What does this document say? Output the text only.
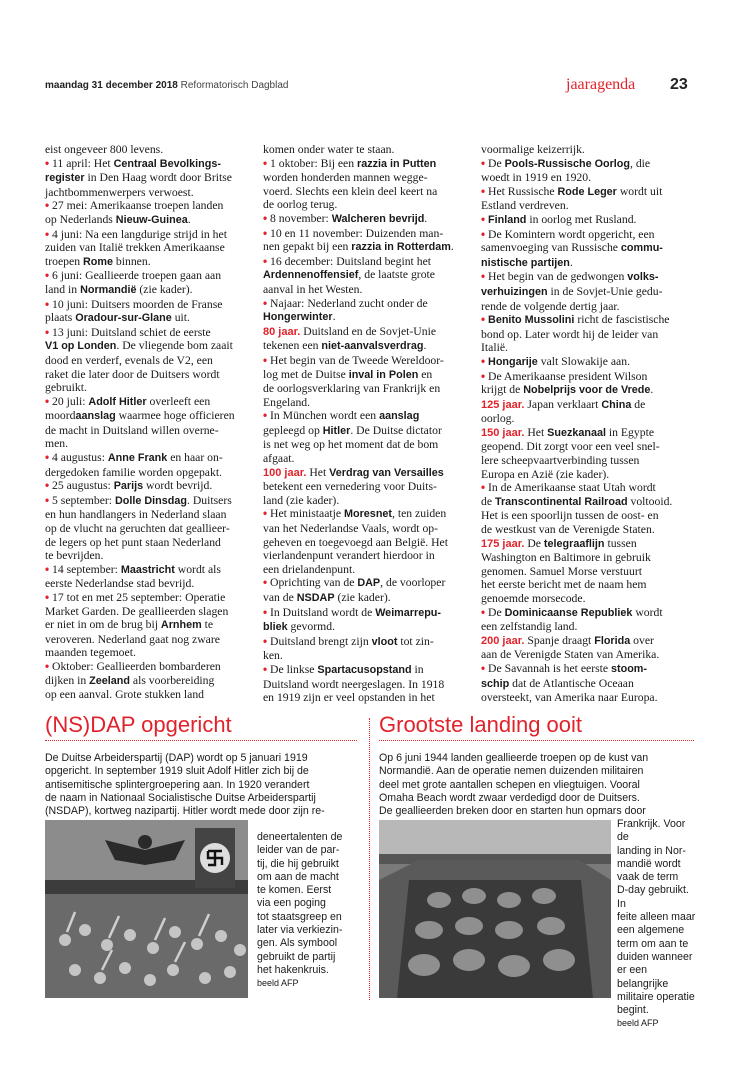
maandag 31 december 2018 Reformatorisch Dagblad	jaaragenda 23

eist ongeveer 800 levens.

• 11 april: Het Centraal Bevolkings-

register in Den Haag wordt door Britse

jachtbommenwerpers verwoest.

• 27 mei: Amerikaanse troepen landen

op Nederlands Nieuw-Guinea.

• 4 juni: Na een langdurige strijd in het

zuiden van Italië trekken Amerikaanse

troepen Rome binnen.

• 6 juni: Geallieerde troepen gaan aan

land in Normandië (zie kader).

• 10 juni: Duitsers moorden de Franse

plaats Oradour-sur-Glane uit.

• 13 juni: Duitsland schiet de eerste

V1 op Londen. De vliegende bom zaait

dood en verderf, evenals de V2, een

raket die later door de Duitsers wordt

gebruikt.

• 20 juli: Adolf Hitler overleeft een

moordaanslag waarmee hoge officieren

de macht in Duitsland willen overne-

men.

• 4 augustus: Anne Frank en haar on-

dergedoken familie worden opgepakt.

• 25 augustus: Parijs wordt bevrijd.

• 5 september: Dolle Dinsdag. Duitsers

en hun handlangers in Nederland slaan

op de vlucht na geruchten dat geallieer-

de legers op het punt staan Nederland

te bevrijden.

• 14 september: Maastricht wordt als

eerste Nederlandse stad bevrijd.

• 17 tot en met 25 september: Operatie

Market Garden. De geallieerden slagen

er niet in om de brug bij Arnhem te

veroveren. Nederland gaat nog zware

maanden tegemoet.

• Oktober: Geallieerden bombarderen

dijken in Zeeland als voorbereiding

op een aanval. Grote stukken land

komen onder water te staan.

• 1 oktober: Bij een razzia in Putten

worden honderden mannen wegge-

voerd. Slechts een klein deel keert na

de oorlog terug.

• 8 november: Walcheren bevrijd.

• 10 en 11 november: Duizenden man-

nen gepakt bij een razzia in Rotterdam.

• 16 december: Duitsland begint het

Ardennenoffensief, de laatste grote

aanval in het Westen.

• Najaar: Nederland zucht onder de

Hongerwinter.

80 jaar. Duitsland en de Sovjet-Unie

tekenen een niet-aanvalsverdrag.

• Het begin van de Tweede Wereldoor-

log met de Duitse inval in Polen en

de oorlogsverklaring van Frankrijk en

Engeland.

• In München wordt een aanslag

gepleegd op Hitler. De Duitse dictator

is net weg op het moment dat de bom

afgaat.

100 jaar. Het Verdrag van Versailles

betekent een vernedering voor Duits-

land (zie kader).

• Het ministaatje Moresnet, ten zuiden

van het Nederlandse Vaals, wordt op-

geheven en toegevoegd aan België. Het

vierlandenpunt verandert hierdoor in

een drielandenpunt.

• Oprichting van de DAP, de voorloper

van de NSDAP (zie kader).

• In Duitsland wordt de Weimarrepu-

bliek gevormd.

• Duitsland brengt zijn vloot tot zin-

ken.

• De linkse Spartacusopstand in

Duitsland wordt neergeslagen. In 1918

en 1919 zijn er veel opstanden in het

voormalige keizerrijk.

• De Pools-Russische Oorlog, die

woedt in 1919 en 1920.

• Het Russische Rode Leger wordt uit

Estland verdreven.

• Finland in oorlog met Rusland.

• De Komintern wordt opgericht, een

samenvoeging van Russische commu-

nistische partijen.

• Het begin van de gedwongen volks-

verhuizingen in de Sovjet-Unie gedu-

rende de volgende dertig jaar.

• Benito Mussolini richt de fascistische

bond op. Later wordt hij de leider van

Italië.

• Hongarije valt Slowakije aan.

• De Amerikaanse president Wilson

krijgt de Nobelprijs voor de Vrede.

125 jaar. Japan verklaart China de

oorlog.

150 jaar. Het Suezkanaal in Egypte

geopend. Dit zorgt voor een veel snel-

lere scheepvaartverbinding tussen

Europa en Azië (zie kader).

• In de Amerikaanse staat Utah wordt

de Transcontinental Railroad voltooid.

Het is een spoorlijn tussen de oost- en

de westkust van de Verenigde Staten.

175 jaar. De telegraaflijn tussen

Washington en Baltimore in gebruik

genomen. Samuel Morse verstuurt

het eerste bericht met de naam hem

genoemde morsecode.

• De Dominicaanse Republiek wordt

een zelfstandig land.

200 jaar. Spanje draagt Florida over

aan de Verenigde Staten van Amerika.

• De Savannah is het eerste stoom-

schip dat de Atlantische Oceaan

oversteekt, van Amerika naar Europa.

(NS)DAP opgericht

De Duitse Arbeiderspartij (DAP) wordt op 5 januari 1919

opgericht. In september 1919 sluit Adolf Hitler zich bij de

antisemitische splintergroepering aan. In 1920 verandert

de naam in Nationaal Socialistische Duitse Arbeiderspartij

(NSDAP), kortweg nazipartij. Hitler wordt mede door zijn re-

deneertalenten de

leider van de par-

tij, die hij gebruikt

om aan de macht

te komen. Eerst

via een poging

tot staatsgreep en

later via verkiezin-

gen. Als symbool

gebruikt de partij

het hakenkruis.

beeld AFP

Grootste landing ooit

Op 6 juni 1944 landen geallieerde troepen op de kust van

Normandië. Aan de operatie nemen duizenden militairen

deel met grote aantallen schepen en vliegtuigen. Vooral

Omaha Beach wordt zwaar verdedigd door de Duitsers.

De geallieerden breken door en starten hun opmars door

Frankrijk. Voor de

landing in Nor-

mandië wordt

vaak de term

D-day gebruikt. In

feite alleen maar

een algemene

term om aan te

duiden wanneer

er een belangrijke

militaire operatie

begint.

beeld AFP
